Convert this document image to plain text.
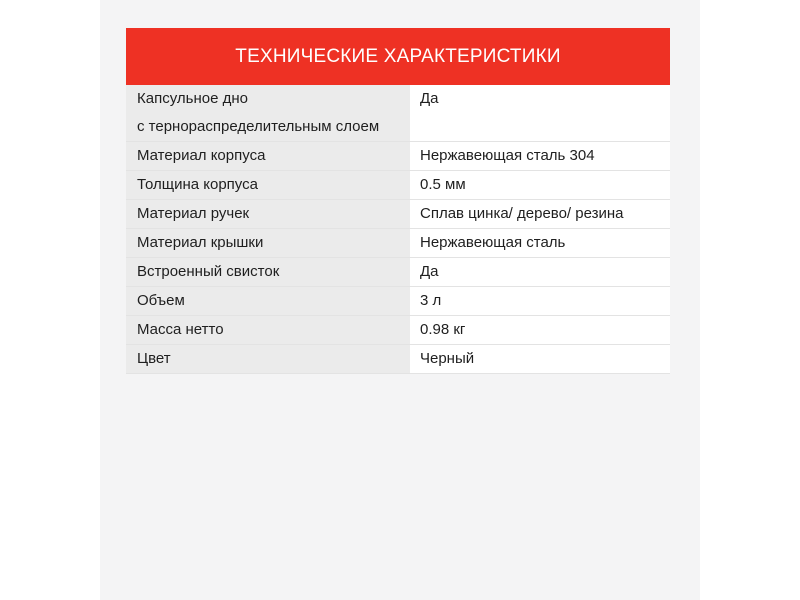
ТЕХНИЧЕСКИЕ ХАРАКТЕРИСТИКИ
Капсульное дно
с тернораспределительным слоем	Да
Материал корпуса	Нержавеющая сталь 304
Толщина корпуса	0.5 мм
Материал ручек	Сплав цинка/ дерево/ резина
Материал крышки	Нержавеющая сталь
Встроенный свисток	Да
Объем	3 л
Масса нетто	0.98 кг
Цвет	Черный
